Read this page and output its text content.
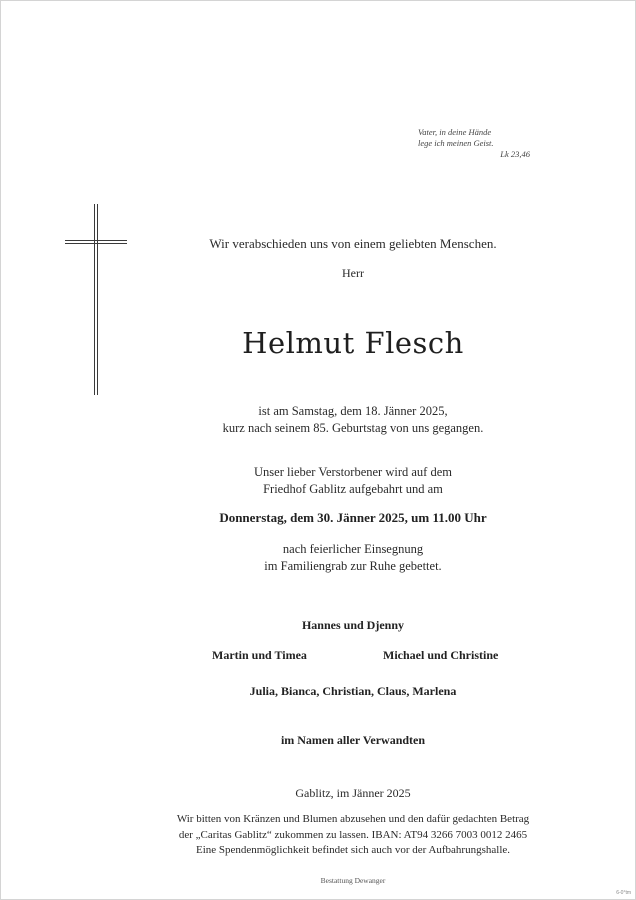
Vater, in deine Hände
lege ich meinen Geist.
Lk 23,46
Wir verabschieden uns von einem geliebten Menschen.
Herr
Helmut Flesch
ist am Samstag, dem 18. Jänner 2025,
kurz nach seinem 85. Geburtstag von uns gegangen.
Unser lieber Verstorbener wird auf dem
Friedhof Gablitz aufgebahrt und am
Donnerstag, dem 30. Jänner 2025, um 11.00 Uhr
nach feierlicher Einsegnung
im Familiengrab zur Ruhe gebettet.
Hannes und Djenny
Martin und Timea	Michael und Christine
Julia, Bianca, Christian, Claus, Marlena
im Namen aller Verwandten
Gablitz, im Jänner 2025
Wir bitten von Kränzen und Blumen abzusehen und den dafür gedachten Betrag
der „Caritas Gablitz“ zukommen zu lassen. IBAN: AT94 3266 7003 0012 2465
Eine Spendenmöglichkeit befindet sich auch vor der Aufbahrungshalle.
Bestattung Dewanger
6-0°tm
